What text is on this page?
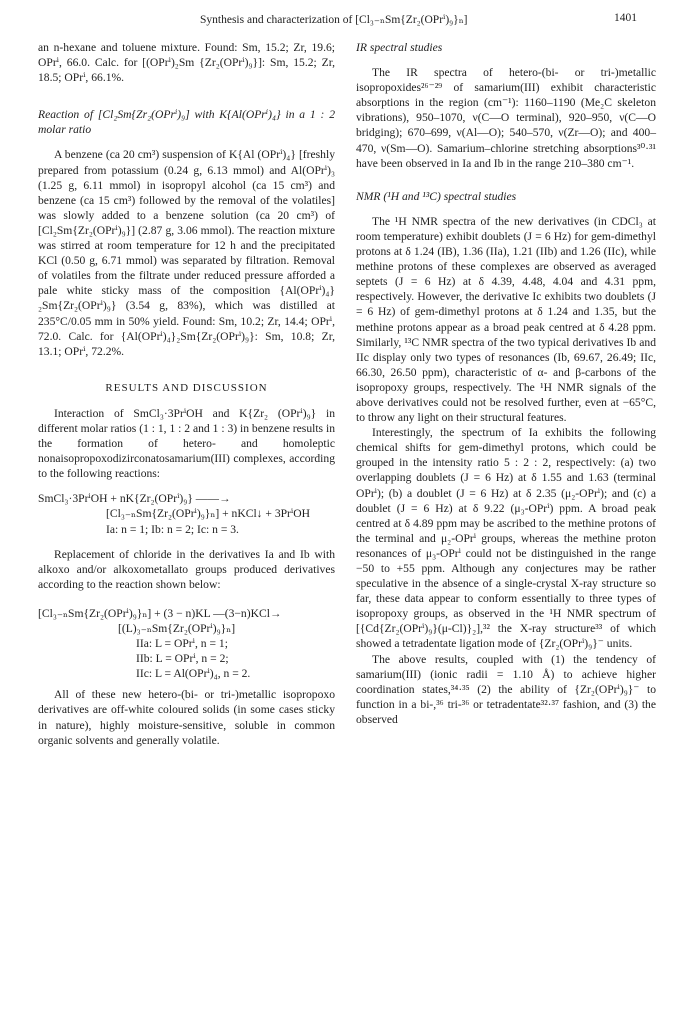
Synthesis and characterization of [Cl₃₋ₙSm{Zr₂(OPrⁱ)₉}ₙ]	1401

an n-hexane and toluene mixture. Found: Sm, 15.2; Zr, 19.6; OPrⁱ, 66.0. Calc. for [(OPrⁱ)₂Sm {Zr₂(OPrⁱ)₉}]: Sm, 15.2; Zr, 18.5; OPrⁱ, 66.1%.

Reaction of [Cl₂Sm{Zr₂(OPrⁱ)₉] with K{Al(OPrⁱ)₄} in a 1 : 2 molar ratio

A benzene (ca 20 cm³) suspension of K{Al (OPrⁱ)₄} [freshly prepared from potassium (0.24 g, 6.13 mmol) and Al(OPrⁱ)₃ (1.25 g, 6.11 mmol) in isopropyl alcohol (ca 15 cm³) and benzene (ca 15 cm³) followed by the removal of the volatiles] was slowly added to a benzene solution (ca 20 cm³) of [Cl₂Sm{Zr₂(OPrⁱ)₉}] (2.87 g, 3.06 mmol). The reaction mixture was stirred at room temperature for 12 h and the precipitated KCl (0.50 g, 6.71 mmol) was separated by filtration. Removal of volatiles from the filtrate under reduced pressure afforded a pale white sticky mass of the composition {Al(OPrⁱ)₄}₂Sm{Zr₂(OPrⁱ)₉} (3.54 g, 83%), which was distilled at 235°C/0.05 mm in 50% yield. Found: Sm, 10.2; Zr, 14.4; OPrⁱ, 72.0. Calc. for {Al(OPrⁱ)₄}₂Sm{Zr₂(OPrⁱ)₉}: Sm, 10.8; Zr, 13.1; OPrⁱ, 72.2%.

RESULTS AND DISCUSSION

Interaction of SmCl₃·3PrⁱOH and K{Zr₂ (OPrⁱ)₉} in different molar ratios (1 : 1, 1 : 2 and 1 : 3) in benzene results in the formation of hetero- and homoleptic nonaisopropoxodizirconatosamarium(III) complexes, according to the following reactions:

SmCl₃·3PrⁱOH + nK{Zr₂(OPrⁱ)₉} ——→

[Cl₃₋ₙSm{Zr₂(OPrⁱ)₉}ₙ] + nKCl↓ + 3PrⁱOH

Ia: n = 1; Ib: n = 2; Ic: n = 3.

Replacement of chloride in the derivatives Ia and Ib with alkoxo and/or alkoxometallato groups produced derivatives according to the reaction shown below:

[Cl₃₋ₙSm{Zr₂(OPrⁱ)₉}ₙ] + (3 − n)KL —(3−n)KCl→

[(L)₃₋ₙSm{Zr₂(OPrⁱ)₉}ₙ]

IIa: L = OPrⁱ, n = 1;

IIb: L = OPrⁱ, n = 2;

IIc: L = Al(OPrⁱ)₄, n = 2.

All of these new hetero-(bi- or tri-)metallic isopropoxo derivatives are off-white coloured solids (in some cases sticky in nature), highly moisture-sensitive, soluble in common organic solvents and generally volatile.

IR spectral studies

The IR spectra of hetero-(bi- or tri-)metallic isopropoxides²⁶⁻²⁹ of samarium(III) exhibit characteristic absorptions in the region (cm⁻¹): 1160–1190 (Me₂C skeleton vibrations), 950–1070, ν(C—O terminal), 920–950, ν(C—O bridging); 670–699, ν(Al—O); 540–570, ν(Zr—O); and 400–470, ν(Sm—O). Samarium–chlorine stretching absorptions³⁰·³¹ have been observed in Ia and Ib in the range 210–380 cm⁻¹.

NMR (¹H and ¹³C) spectral studies

The ¹H NMR spectra of the new derivatives (in CDCl₃ at room temperature) exhibit doublets (J = 6 Hz) for gem-dimethyl protons at δ 1.24 (IB), 1.36 (IIa), 1.21 (IIb) and 1.26 (IIc), while methine protons of these complexes are observed as averaged septets (J = 6 Hz) at δ 4.39, 4.48, 4.04 and 4.31 ppm, respectively. However, the derivative Ic exhibits two doublets (J = 6 Hz) of gem-dimethyl protons at δ 1.24 and 1.35, but the methine protons appear as a broad peak centred at δ 4.28 ppm. Similarly, ¹³C NMR spectra of the two typical derivatives Ib and IIc display only two types of resonances (Ib, 69.67, 26.49; IIc, 66.30, 26.50 ppm), characteristic of α- and β-carbons of the isopropoxy groups, respectively. The ¹H NMR signals of the above derivatives could not be resolved further, even at −65°C, to throw any light on their structural features.

Interestingly, the spectrum of Ia exhibits the following chemical shifts for gem-dimethyl protons, which could be grouped in the intensity ratio 5 : 2 : 2, respectively: (a) two overlapping doublets (J = 6 Hz) at δ 1.55 and 1.63 (terminal OPrⁱ); (b) a doublet (J = 6 Hz) at δ 2.35 (μ₂-OPrⁱ); and (c) a doublet (J = 6 Hz) at δ 9.22 (μ₃-OPrⁱ) ppm. A broad peak centred at δ 4.89 ppm may be ascribed to the methine protons of the terminal and μ₂-OPrⁱ groups, whereas the methine proton resonances of μ₃-OPrⁱ could not be distinguished in the range −50 to +55 ppm. Although any conjectures may be rather speculative in the absence of a single-crystal X-ray structure so far, these data appear to conform essentially to three types of isopropoxy groups, as observed in the ¹H NMR spectrum of [{Cd{Zr₂(OPrⁱ)₉}(μ-Cl)}₂],³² the X-ray structure³³ of which showed a tetradentate ligation mode of {Zr₂(OPrⁱ)₉}⁻ units.

The above results, coupled with (1) the tendency of samarium(III) (ionic radii = 1.10 Å) to achieve higher coordination states,³⁴·³⁵ (2) the ability of {Zr₂(OPrⁱ)₉}⁻ to function in a bi-,³⁶ tri-³⁶ or tetradentate³²·³⁷ fashion, and (3) the observed
